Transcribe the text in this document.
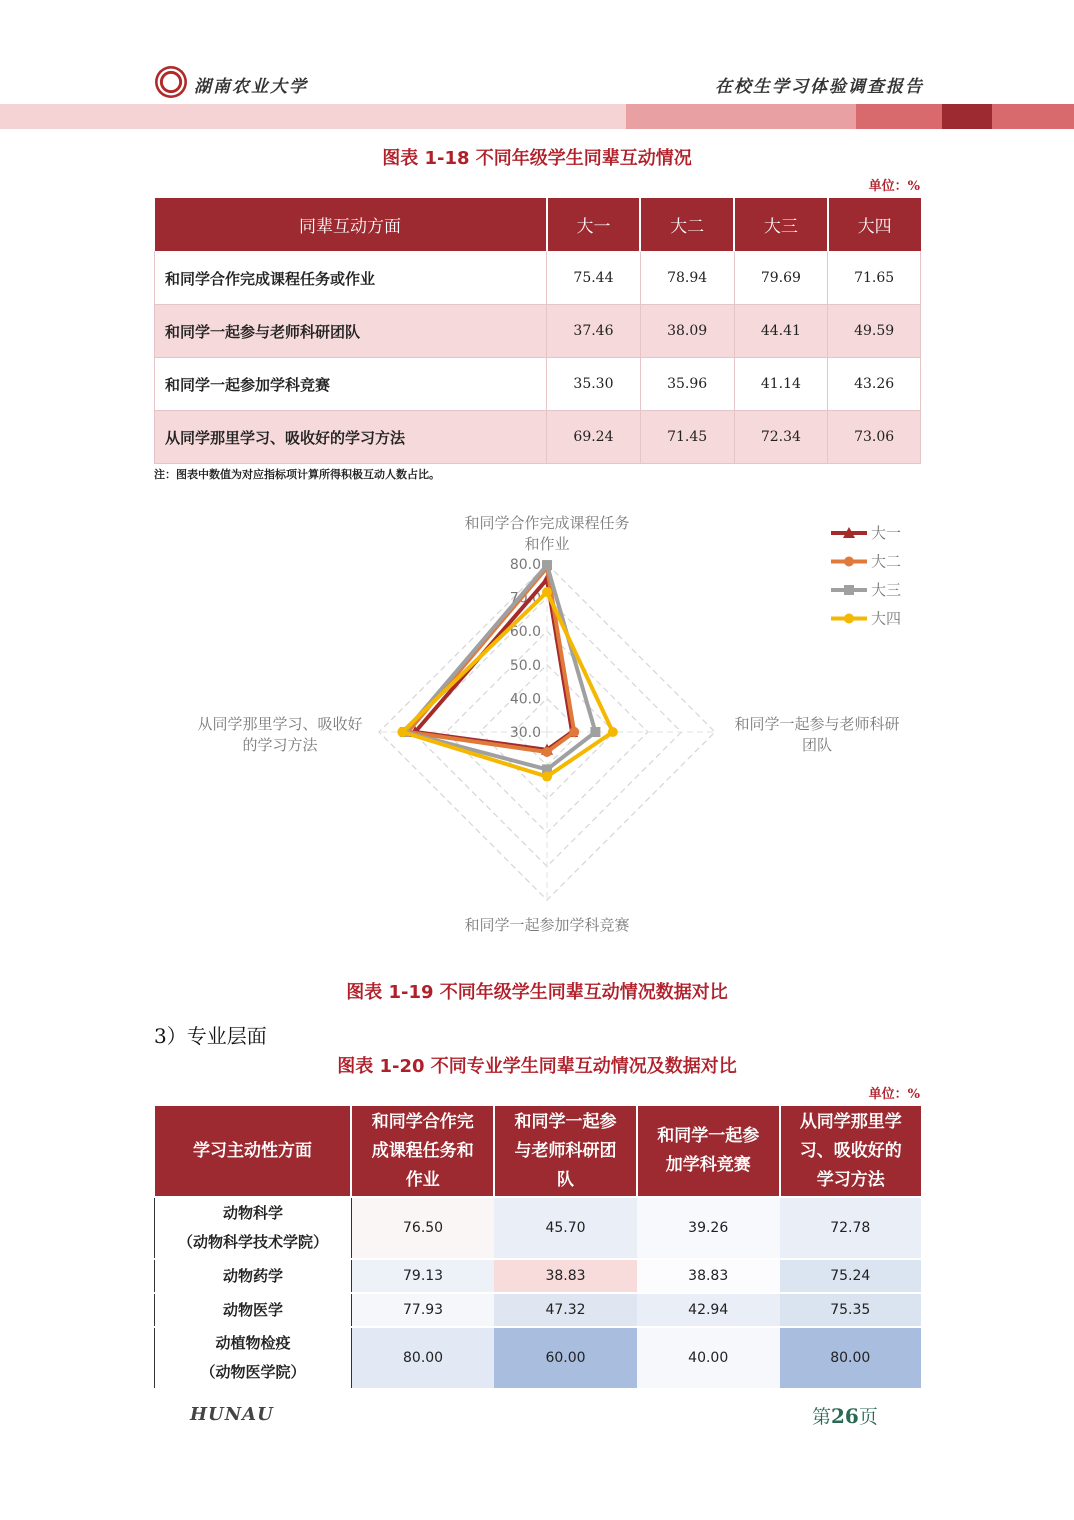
湖南农业大学	在校生学习体验调查报告
图表 1-18 不同年级学生同辈互动情况
单位：%
同辈互动方面	大一	大二	大三	大四
和同学合作完成课程任务或作业	75.44	78.94	79.69	71.65
和同学一起参与老师科研团队	37.46	38.09	44.41	49.59
和同学一起参加学科竞赛	35.30	35.96	41.14	43.26
从同学那里学习、吸收好的学习方法	69.24	71.45	72.34	73.06
注：图表中数值为对应指标项计算所得积极互动人数占比。
30.0
40.0
50.0
60.0
70.0
80.0
和同学合作完成课程任务
和作业
和同学一起参与老师科研
团队
和同学一起参加学科竞赛
从同学那里学习、吸收好
的学习方法
大一
大二
大三
大四
图表 1-19 不同年级学生同辈互动情况数据对比
3）专业层面
图表 1-20 不同专业学生同辈互动情况及数据对比
单位：%
学习主动性方面	和同学合作完
成课程任务和
作业	和同学一起参
与老师科研团
队	和同学一起参
加学科竞赛	从同学那里学
习、吸收好的
学习方法
动物科学
（动物科学技术学院）	76.50	45.70	39.26	72.78
动物药学	79.13	38.83	38.83	75.24
动物医学	77.93	47.32	42.94	75.35
动植物检疫
（动物医学院）	80.00	60.00	40.00	80.00
HUNAU	第26页
